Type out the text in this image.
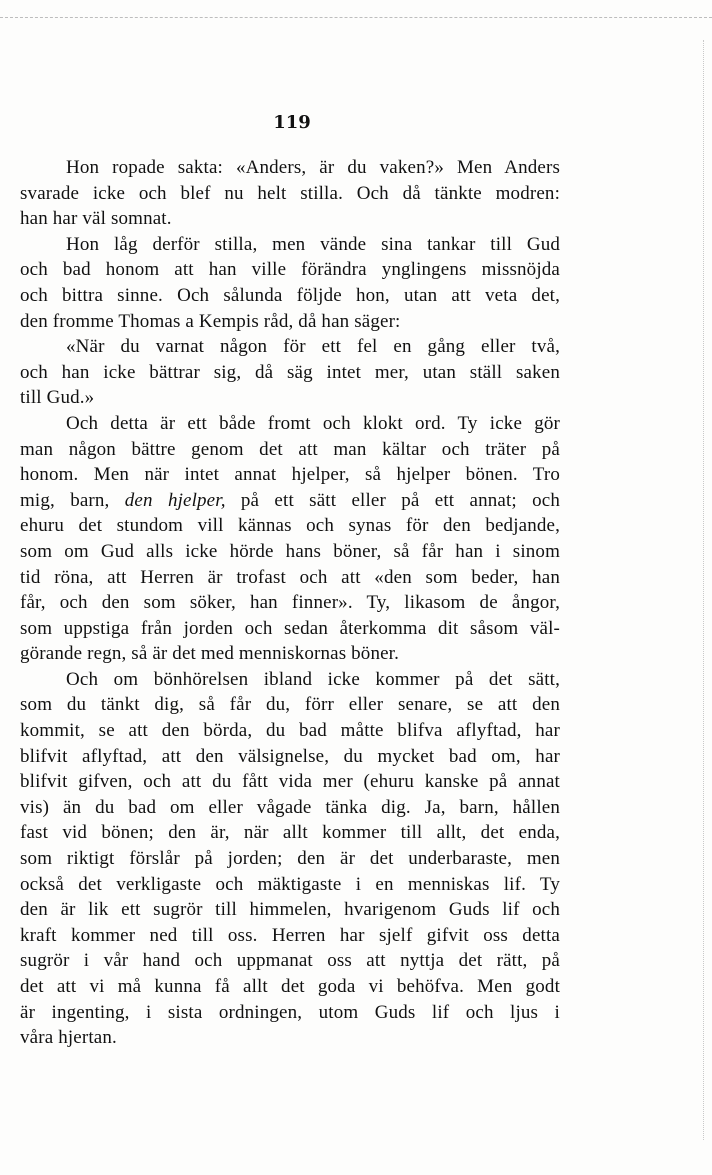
119
Hon ropade sakta: «Anders, är du vaken?» Men Anders
svarade icke och blef nu helt stilla. Och då tänkte modren:
han har väl somnat.
Hon låg derför stilla, men vände sina tankar till Gud
och bad honom att han ville förändra ynglingens missnöjda
och bittra sinne. Och sålunda följde hon, utan att veta det,
den fromme Thomas a Kempis råd, då han säger:
«När du varnat någon för ett fel en gång eller två,
och han icke bättrar sig, då säg intet mer, utan ställ saken
till Gud.»
Och detta är ett både fromt och klokt ord. Ty icke gör
man någon bättre genom det att man kältar och träter på
honom. Men när intet annat hjelper, så hjelper bönen. Tro
mig, barn, den hjelper, på ett sätt eller på ett annat; och
ehuru det stundom vill kännas och synas för den bedjande,
som om Gud alls icke hörde hans böner, så får han i sinom
tid röna, att Herren är trofast och att «den som beder, han
får, och den som söker, han finner». Ty, likasom de ångor,
som uppstiga från jorden och sedan återkomma dit såsom väl-
görande regn, så är det med menniskornas böner.
Och om bönhörelsen ibland icke kommer på det sätt,
som du tänkt dig, så får du, förr eller senare, se att den
kommit, se att den börda, du bad måtte blifva aflyftad, har
blifvit aflyftad, att den välsignelse, du mycket bad om, har
blifvit gifven, och att du fått vida mer (ehuru kanske på annat
vis) än du bad om eller vågade tänka dig. Ja, barn, hållen
fast vid bönen; den är, när allt kommer till allt, det enda,
som riktigt förslår på jorden; den är det underbaraste, men
också det verkligaste och mäktigaste i en menniskas lif. Ty
den är lik ett sugrör till himmelen, hvarigenom Guds lif och
kraft kommer ned till oss. Herren har sjelf gifvit oss detta
sugrör i vår hand och uppmanat oss att nyttja det rätt, på
det att vi må kunna få allt det goda vi behöfva. Men godt
är ingenting, i sista ordningen, utom Guds lif och ljus i
våra hjertan.
